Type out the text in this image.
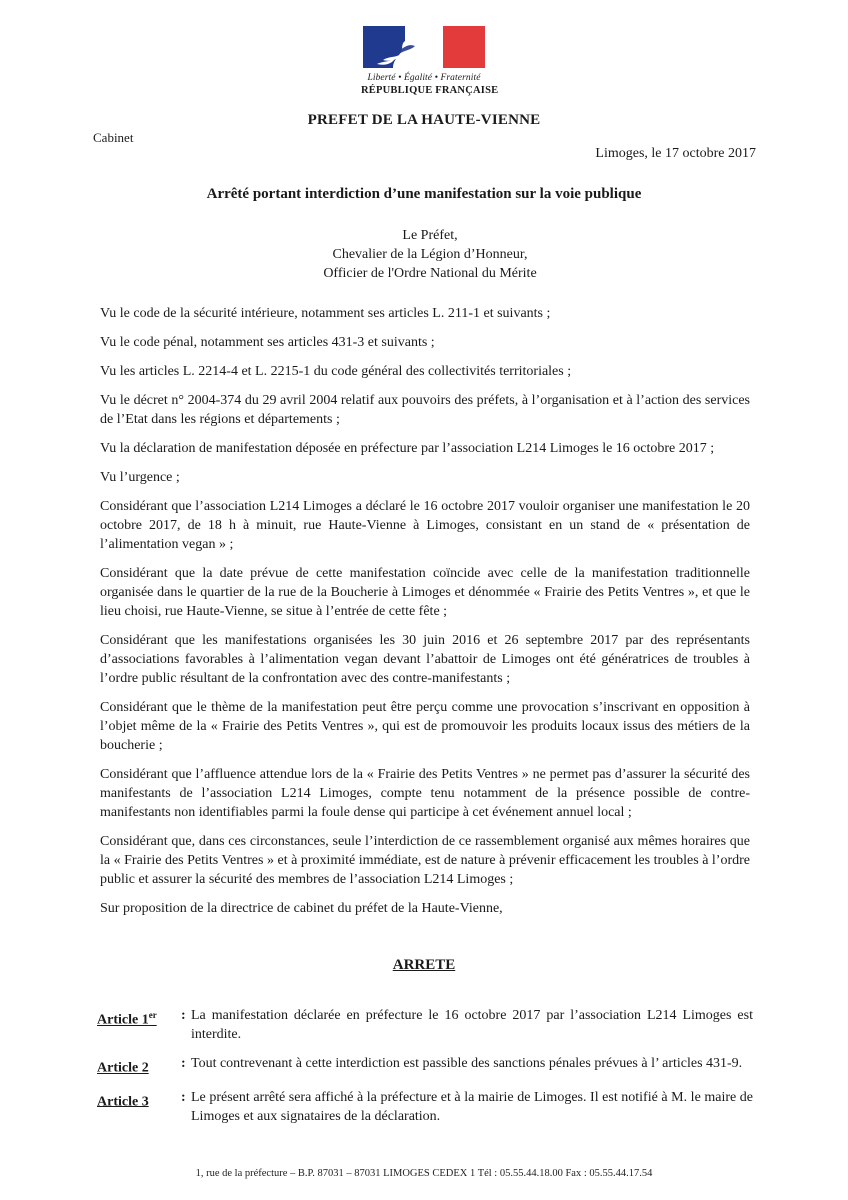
Liberté • Égalité • Fraternité
RÉPUBLIQUE FRANÇAISE
PREFET DE LA HAUTE-VIENNE
Cabinet
Limoges, le 17 octobre 2017
Arrêté portant interdiction d’une manifestation sur la voie publique
Le Préfet,
Chevalier de la Légion d’Honneur,
Officier de l'Ordre National du Mérite

Vu le code de la sécurité intérieure, notamment ses articles L. 211-1 et suivants ;

Vu le code pénal, notamment ses articles 431-3 et suivants ;

Vu les articles L. 2214-4 et L. 2215-1 du code général des collectivités territoriales ;

Vu le décret n° 2004-374 du 29 avril 2004 relatif aux pouvoirs des préfets, à l’organisation et à l’action des services de l’Etat dans les régions et départements ;

Vu la déclaration de manifestation déposée en préfecture par l’association L214 Limoges le 16 octobre 2017 ;

Vu l’urgence ;

Considérant que l’association L214 Limoges a déclaré le 16 octobre 2017 vouloir organiser une manifestation le 20 octobre 2017, de 18 h à minuit, rue Haute-Vienne à Limoges, consistant en un stand de « présentation de l’alimentation vegan » ;

Considérant que la date prévue de cette manifestation coïncide avec celle de la manifestation traditionnelle organisée dans le quartier de la rue de la Boucherie à Limoges et dénommée « Frairie des Petits Ventres », et que le lieu choisi, rue Haute-Vienne, se situe à l’entrée de cette fête ;

Considérant que les manifestations organisées les 30 juin 2016 et 26 septembre 2017 par des représentants d’associations favorables à l’alimentation vegan devant l’abattoir de Limoges ont été génératrices de troubles à l’ordre public résultant de la confrontation avec des contre-manifestants ;

Considérant que le thème de la manifestation peut être perçu comme une provocation s’inscrivant en opposition à l’objet même de la « Frairie des Petits Ventres », qui est de promouvoir les produits locaux issus des métiers de la boucherie ;

Considérant que l’affluence attendue lors de la « Frairie des Petits Ventres » ne permet pas d’assurer la sécurité des manifestants de l’association L214 Limoges, compte tenu notamment de la présence possible de contre-manifestants non identifiables parmi la foule dense qui participe à cet événement annuel local ;

Considérant que, dans ces circonstances, seule l’interdiction de ce rassemblement organisé aux mêmes horaires que la « Frairie des Petits Ventres » et à proximité immédiate, est de nature à prévenir efficacement les troubles à l’ordre public et assurer la sécurité des membres de l’association L214 Limoges ;

Sur proposition de la directrice de cabinet du préfet de la Haute-Vienne,

ARRETE
Article 1er	: La manifestation déclarée en préfecture le 16 octobre 2017 par l’association L214 Limoges est interdite.
Article 2	: Tout contrevenant à cette interdiction est passible des sanctions pénales prévues à l’ articles 431-9.
Article 3	: Le présent arrêté sera affiché à la préfecture et à la mairie de Limoges. Il est notifié à M. le maire de Limoges et aux signataires de la déclaration.
1, rue de la préfecture – B.P. 87031 – 87031 LIMOGES CEDEX 1 Tél : 05.55.44.18.00 Fax : 05.55.44.17.54
